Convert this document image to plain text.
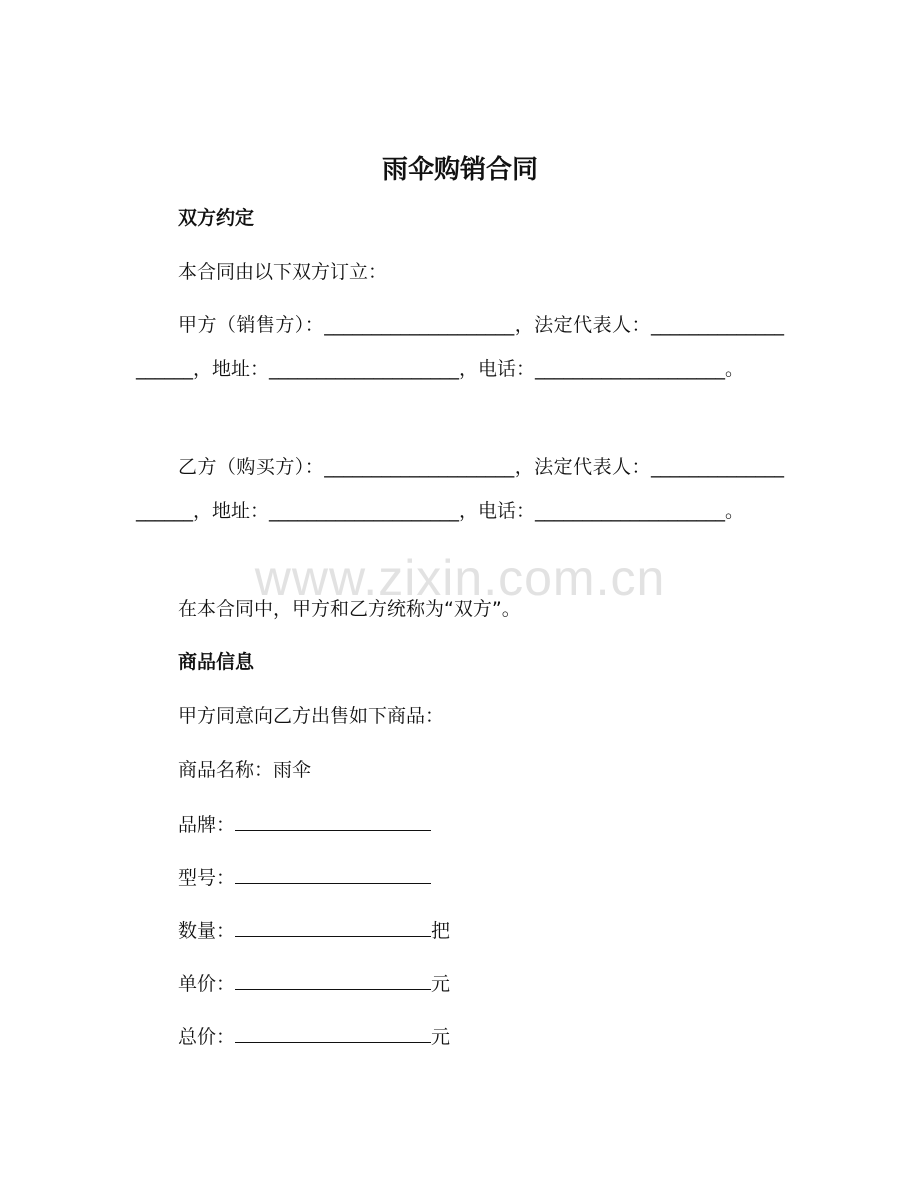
www.zixin.com.cn
雨伞购销合同
双方约定
本合同由以下双方订立：
甲方（销售方）：____________________，法定代表人：____________________，地址：____________________，电话：____________________。
乙方（购买方）：____________________，法定代表人：____________________，地址：____________________，电话：____________________。
在本合同中，甲方和乙方统称为“双方”。
商品信息
甲方同意向乙方出售如下商品：
商品名称：雨伞
品牌：
型号：
数量：	把
单价：	元
总价：	元
